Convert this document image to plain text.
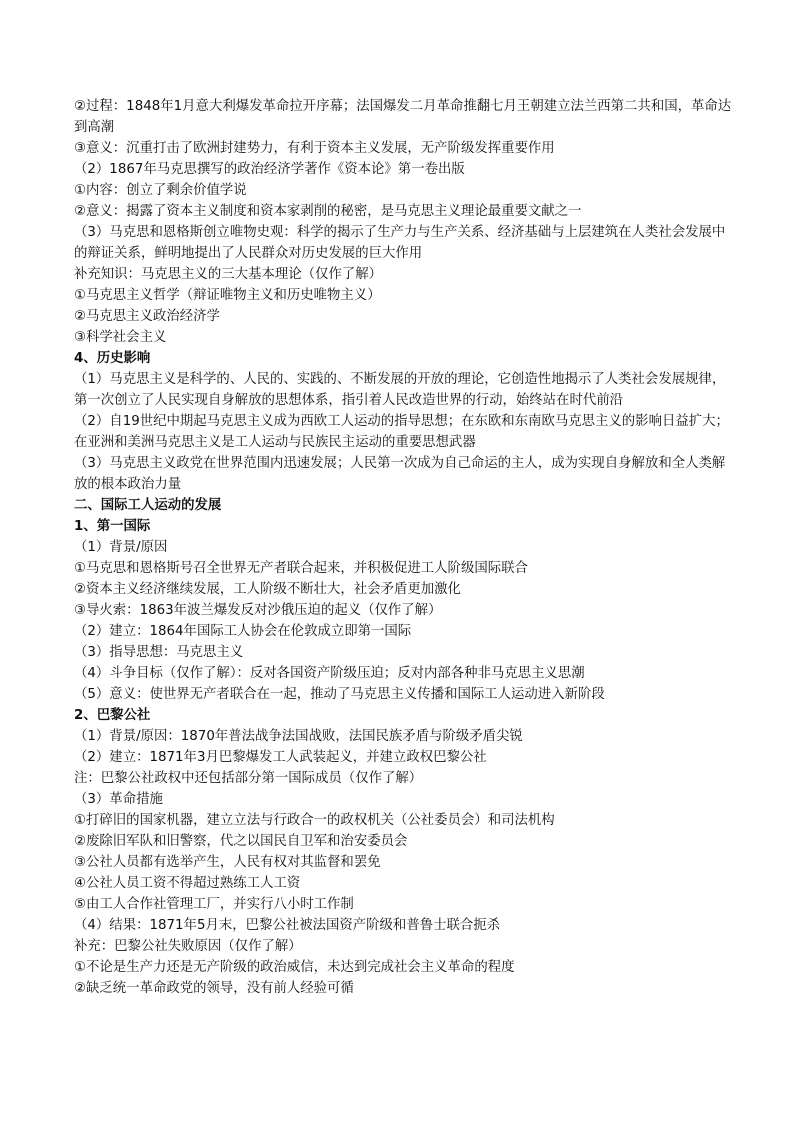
②过程：1848年1月意大利爆发革命拉开序幕；法国爆发二月革命推翻七月王朝建立法兰西第二共和国，革命达到高潮
③意义：沉重打击了欧洲封建势力，有利于资本主义发展，无产阶级发挥重要作用
（2）1867年马克思撰写的政治经济学著作《资本论》第一卷出版
①内容：创立了剩余价值学说
②意义：揭露了资本主义制度和资本家剥削的秘密，是马克思主义理论最重要文献之一
（3）马克思和恩格斯创立唯物史观：科学的揭示了生产力与生产关系、经济基础与上层建筑在人类社会发展中的辩证关系，鲜明地提出了人民群众对历史发展的巨大作用
补充知识：马克思主义的三大基本理论（仅作了解）
①马克思主义哲学（辩证唯物主义和历史唯物主义）
②马克思主义政治经济学
③科学社会主义
4、历史影响
（1）马克思主义是科学的、人民的、实践的、不断发展的开放的理论，它创造性地揭示了人类社会发展规律，第一次创立了人民实现自身解放的思想体系，指引着人民改造世界的行动，始终站在时代前沿
（2）自19世纪中期起马克思主义成为西欧工人运动的指导思想；在东欧和东南欧马克思主义的影响日益扩大；在亚洲和美洲马克思主义是工人运动与民族民主运动的重要思想武器
（3）马克思主义政党在世界范围内迅速发展；人民第一次成为自己命运的主人，成为实现自身解放和全人类解放的根本政治力量
二、国际工人运动的发展
1、第一国际
（1）背景/原因
①马克思和恩格斯号召全世界无产者联合起来，并积极促进工人阶级国际联合
②资本主义经济继续发展，工人阶级不断壮大，社会矛盾更加激化
③导火索：1863年波兰爆发反对沙俄压迫的起义（仅作了解）
（2）建立：1864年国际工人协会在伦敦成立即第一国际
（3）指导思想：马克思主义
（4）斗争目标（仅作了解）：反对各国资产阶级压迫；反对内部各种非马克思主义思潮
（5）意义：使世界无产者联合在一起，推动了马克思主义传播和国际工人运动进入新阶段
2、巴黎公社
（1）背景/原因：1870年普法战争法国战败，法国民族矛盾与阶级矛盾尖锐
（2）建立：1871年3月巴黎爆发工人武装起义，并建立政权巴黎公社
注：巴黎公社政权中还包括部分第一国际成员（仅作了解）
（3）革命措施
①打碎旧的国家机器，建立立法与行政合一的政权机关（公社委员会）和司法机构
②废除旧军队和旧警察，代之以国民自卫军和治安委员会
③公社人员都有选举产生，人民有权对其监督和罢免
④公社人员工资不得超过熟练工人工资
⑤由工人合作社管理工厂，并实行八小时工作制
（4）结果：1871年5月末，巴黎公社被法国资产阶级和普鲁士联合扼杀
补充：巴黎公社失败原因（仅作了解）
①不论是生产力还是无产阶级的政治威信，未达到完成社会主义革命的程度
②缺乏统一革命政党的领导，没有前人经验可循
